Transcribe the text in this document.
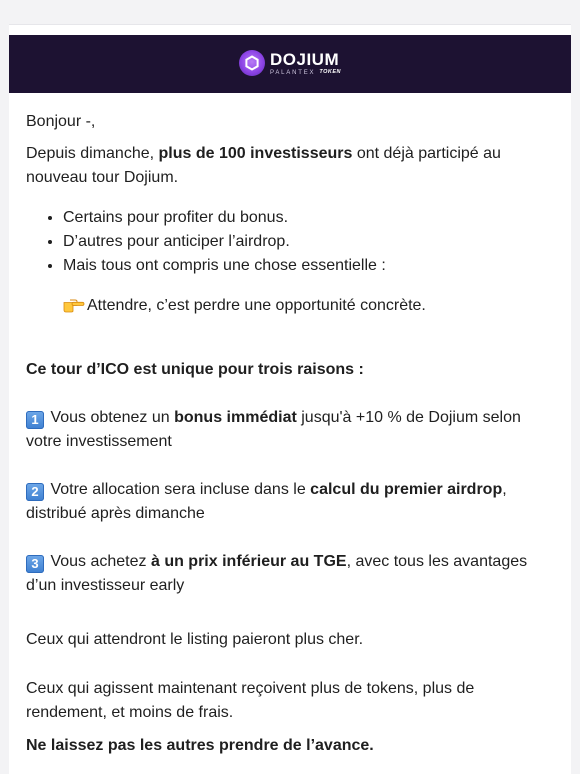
DOJIUM
PALANTEX TOKEN

Bonjour -,

Depuis dimanche, plus de 100 investisseurs ont déjà participé au nouveau tour Dojium.

• Certains pour profiter du bonus.
• D’autres pour anticiper l’airdrop.
• Mais tous ont compris une chose essentielle :

Attendre, c’est perdre une opportunité concrète.

Ce tour d’ICO est unique pour trois raisons :

1 Vous obtenez un bonus immédiat jusqu'à +10 % de Dojium selon votre investissement

2 Votre allocation sera incluse dans le calcul du premier airdrop, distribué après dimanche

3 Vous achetez à un prix inférieur au TGE, avec tous les avantages d’un investisseur early

Ceux qui attendront le listing paieront plus cher.

Ceux qui agissent maintenant reçoivent plus de tokens, plus de rendement, et moins de frais.

Ne laissez pas les autres prendre de l’avance.
